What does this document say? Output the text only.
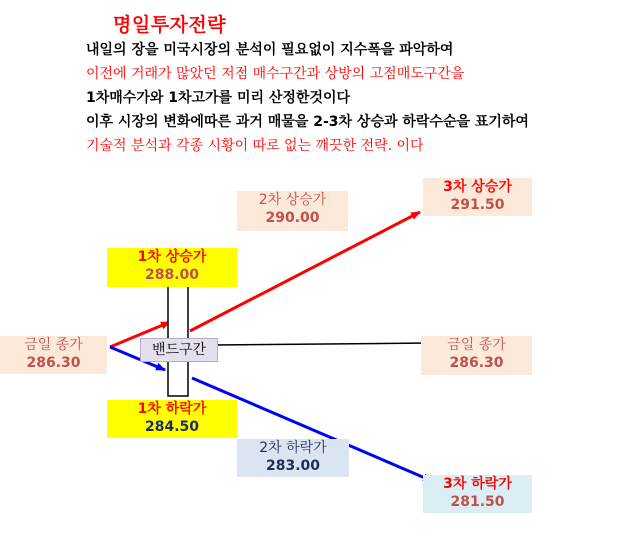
명일투자전략
내일의 장을 미국시장의 분석이 필요없이 지수폭을 파악하여
이전에 거래가 많았던 저점 매수구간과 상방의 고점매도구간을
1차매수가와 1차고가를 미리 산정한것이다
이후 시장의 변화에따른 과거 매물을 2-3차 상승과 하락수순을 표기하여
기술적 분석과 각종 시황이 따로 없는 깨끗한 전략. 이다
금일 종가
286.30
밴드구간
1차 상승가
288.00
2차 상승가
290.00
3차 상승가
291.50
금일 종가
286.30
1차 하락가
284.50
2차 하락가
283.00
3차 하락가
281.50
